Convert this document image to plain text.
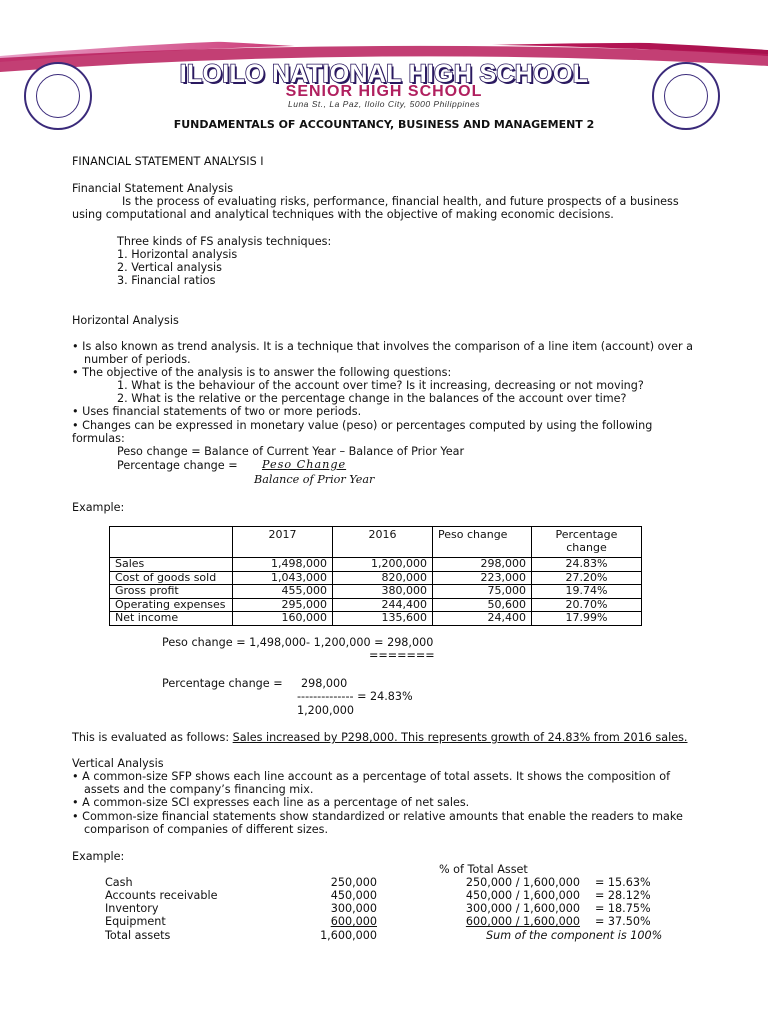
ILOILO NATIONAL HIGH SCHOOL
SENIOR HIGH SCHOOL
Luna St., La Paz, Iloilo City, 5000 Philippines
FUNDAMENTALS OF ACCOUNTANCY, BUSINESS AND MANAGEMENT 2
FINANCIAL STATEMENT ANALYSIS I
Financial Statement Analysis
Is the process of evaluating risks, performance, financial health, and future prospects of a business
using computational and analytical techniques with the objective of making economic decisions.
Three kinds of FS analysis techniques:
1. Horizontal analysis
2. Vertical analysis
3. Financial ratios
Horizontal Analysis
• Is also known as trend analysis. It is a technique that involves the comparison of a line item (account) over a
number of periods.
• The objective of the analysis is to answer the following questions:
1. What is the behaviour of the account over time? Is it increasing, decreasing or not moving?
2. What is the relative or the percentage change in the balances of the account over time?
• Uses financial statements of two or more periods.
• Changes can be expressed in monetary value (peso) or percentages computed by using the following
formulas:
Peso change = Balance of Current Year – Balance of Prior Year
Percentage change = Peso Change
Balance of Prior Year
Example:
	2017	2016	Peso change	Percentage change
Sales	1,498,000	1,200,000	298,000	24.83%
Cost of goods sold	1,043,000	820,000	223,000	27.20%
Gross profit	455,000	380,000	75,000	19.74%
Operating expenses	295,000	244,400	50,600	20.70%
Net income	160,000	135,600	24,400	17.99%
Peso change = 1,498,000- 1,200,000 = 298,000
=======
Percentage change = 298,000
-------------- = 24.83%
1,200,000
This is evaluated as follows: Sales increased by P298,000. This represents growth of 24.83% from 2016 sales.
Vertical Analysis
• A common-size SFP shows each line account as a percentage of total assets. It shows the composition of
assets and the company’s financing mix.
• A common-size SCI expresses each line as a percentage of net sales.
• Common-size financial statements show standardized or relative amounts that enable the readers to make
comparison of companies of different sizes.
Example:
% of Total Asset
Cash	250,000	250,000 / 1,600,000 = 15.63%
Accounts receivable	450,000	450,000 / 1,600,000 = 28.12%
Inventory	300,000	300,000 / 1,600,000 = 18.75%
Equipment	600,000	600,000 / 1,600,000 = 37.50%
Total assets	1,600,000	Sum of the component is 100%
